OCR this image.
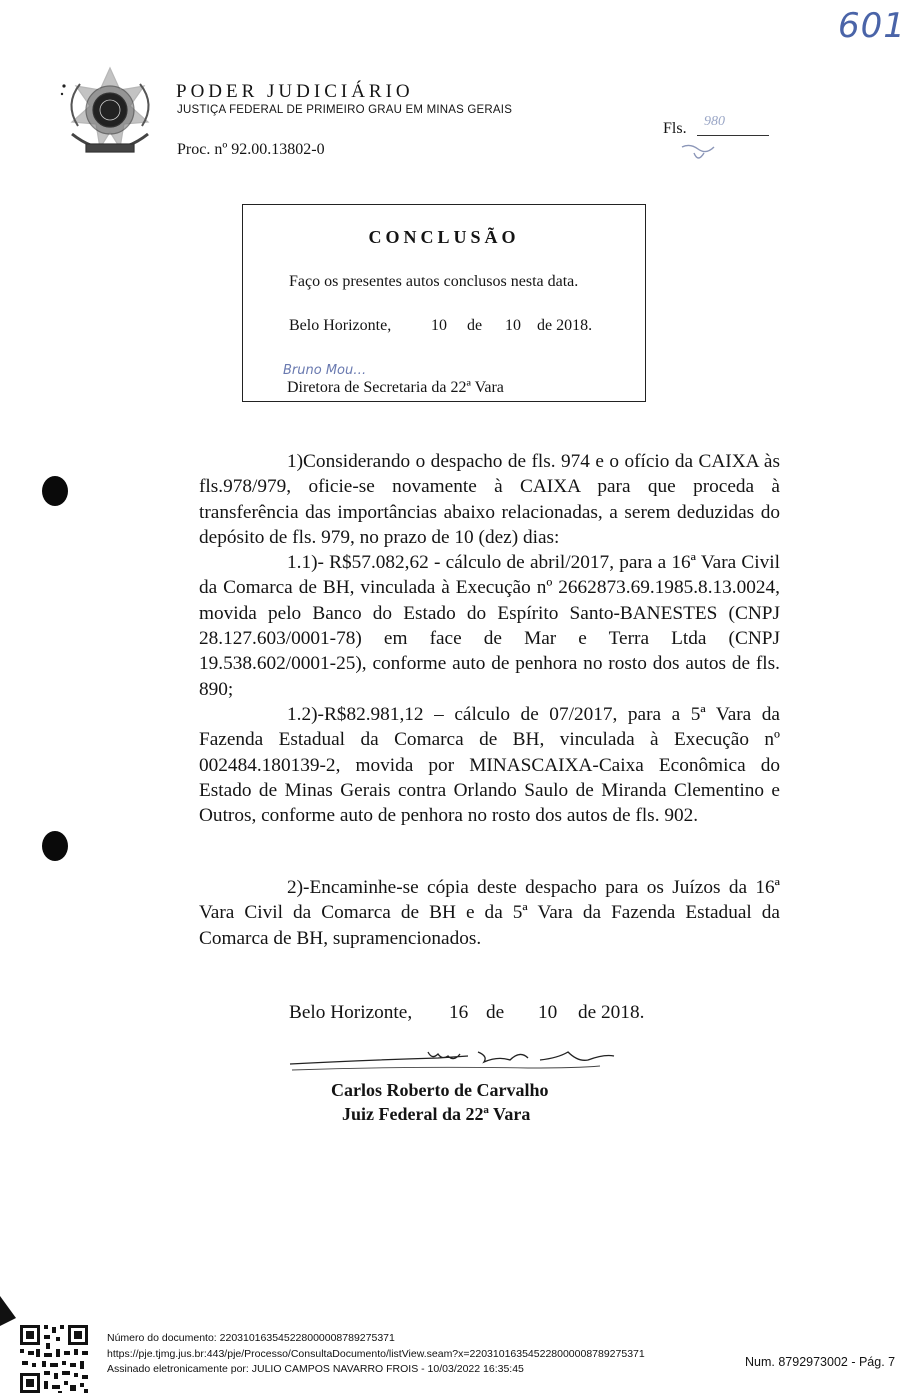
601
PODER JUDICIÁRIO
JUSTIÇA FEDERAL DE PRIMEIRO GRAU EM MINAS GERAIS
Proc. nº 92.00.13802-0
Fls. 980
CONCLUSÃO
Faço os presentes autos conclusos nesta data.
Belo Horizonte, 10 de 10 de 2018.
Bruno Mou…
Diretora de Secretaria da 22ª Vara
1)Considerando o despacho de fls. 974 e o ofício da CAIXA às fls.978/979, oficie-se novamente à CAIXA para que proceda à transferência das importâncias abaixo relacionadas, a serem deduzidas do depósito de fls. 979, no prazo de 10 (dez) dias:
1.1)- R$57.082,62 - cálculo de abril/2017, para a 16ª Vara Civil da Comarca de BH, vinculada à Execução nº 2662873.69.1985.8.13.0024, movida pelo Banco do Estado do Espírito Santo-BANESTES (CNPJ 28.127.603/0001-78) em face de Mar e Terra Ltda (CNPJ 19.538.602/0001-25), conforme auto de penhora no rosto dos autos de fls. 890;
1.2)-R$82.981,12 – cálculo de 07/2017, para a 5ª Vara da Fazenda Estadual da Comarca de BH, vinculada à Execução nº 002484.180139-2, movida por MINASCAIXA-Caixa Econômica do Estado de Minas Gerais contra Orlando Saulo de Miranda Clementino e Outros, conforme auto de penhora no rosto dos autos de fls. 902.
2)-Encaminhe-se cópia deste despacho para os Juízos da 16ª Vara Civil da Comarca de BH e da 5ª Vara da Fazenda Estadual da Comarca de BH, supramencionados.
Belo Horizonte, 16 de 10 de 2018.
Carlos Roberto de Carvalho
Juiz Federal da 22ª Vara
Número do documento: 22031016354522800000878927537​1
https://pje.tjmg.jus.br:443/pje/Processo/ConsultaDocumento/listView.seam?x=22031016354522800000878927537​1
Assinado eletronicamente por: JULIO CAMPOS NAVARRO FROIS - 10/03/2022 16:35:45	Num. 8792973002 - Pág. 7
